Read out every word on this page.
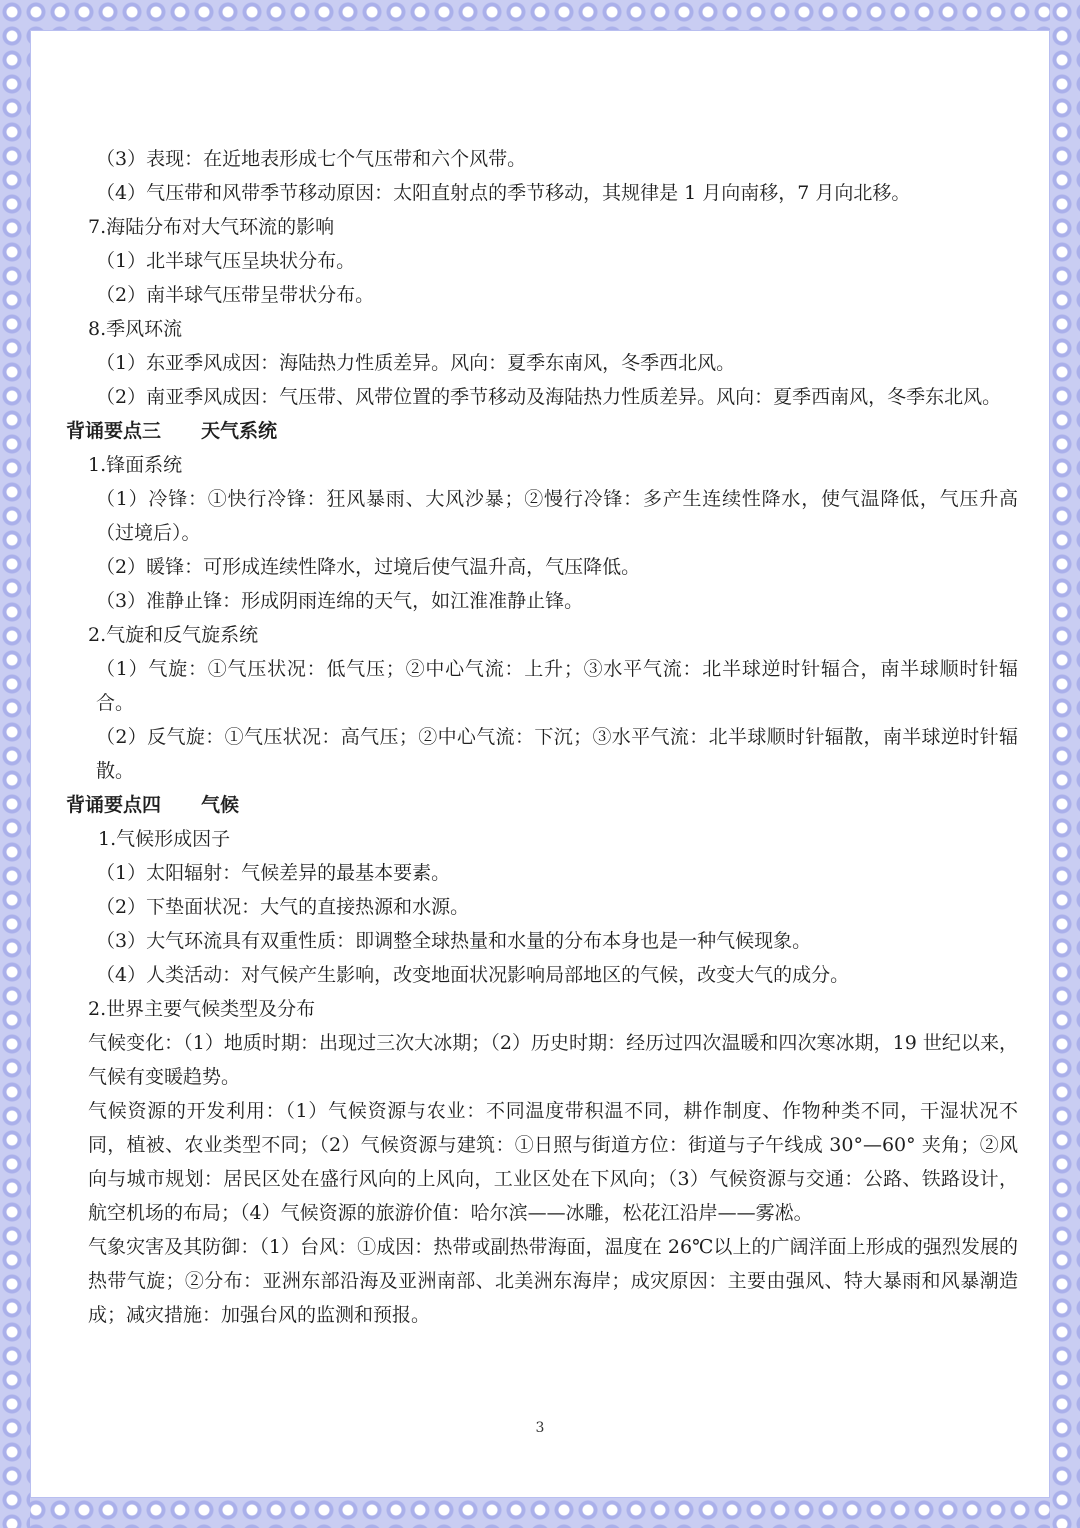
（3）表现：在近地表形成七个气压带和六个风带。

（4）气压带和风带季节移动原因：太阳直射点的季节移动，其规律是 1 月向南移，7 月向北移。

7.海陆分布对大气环流的影响

（1）北半球气压呈块状分布。

（2）南半球气压带呈带状分布。

8.季风环流

（1）东亚季风成因：海陆热力性质差异。风向：夏季东南风，冬季西北风。

（2）南亚季风成因：气压带、风带位置的季节移动及海陆热力性质差异。风向：夏季西南风，冬季东北风。

背诵要点三 天气系统

1.锋面系统

（1）冷锋：①快行冷锋：狂风暴雨、大风沙暴；②慢行冷锋：多产生连续性降水，使气温降低，气压升高（过境后）。

（2）暖锋：可形成连续性降水，过境后使气温升高，气压降低。

（3）准静止锋：形成阴雨连绵的天气，如江淮准静止锋。

2.气旋和反气旋系统

（1）气旋：①气压状况：低气压；②中心气流：上升；③水平气流：北半球逆时针辐合，南半球顺时针辐合。

（2）反气旋：①气压状况：高气压；②中心气流：下沉；③水平气流：北半球顺时针辐散，南半球逆时针辐散。

背诵要点四 气候

1.气候形成因子

（1）太阳辐射：气候差异的最基本要素。

（2）下垫面状况：大气的直接热源和水源。

（3）大气环流具有双重性质：即调整全球热量和水量的分布本身也是一种气候现象。

（4）人类活动：对气候产生影响，改变地面状况影响局部地区的气候，改变大气的成分。

2.世界主要气候类型及分布

气候变化：（1）地质时期：出现过三次大冰期；（2）历史时期：经历过四次温暖和四次寒冰期，19 世纪以来，气候有变暖趋势。

气候资源的开发利用：（1）气候资源与农业：不同温度带积温不同，耕作制度、作物种类不同，干湿状况不同，植被、农业类型不同；（2）气候资源与建筑：①日照与街道方位：街道与子午线成 30°—60° 夹角；②风向与城市规划：居民区处在盛行风向的上风向，工业区处在下风向；（3）气候资源与交通：公路、铁路设计，航空机场的布局；（4）气候资源的旅游价值：哈尔滨——冰雕，松花江沿岸——雾凇。

气象灾害及其防御：（1）台风：①成因：热带或副热带海面，温度在 26℃以上的广阔洋面上形成的强烈发展的热带气旋；②分布：亚洲东部沿海及亚洲南部、北美洲东海岸；成灾原因：主要由强风、特大暴雨和风暴潮造成；减灾措施：加强台风的监测和预报。

3
